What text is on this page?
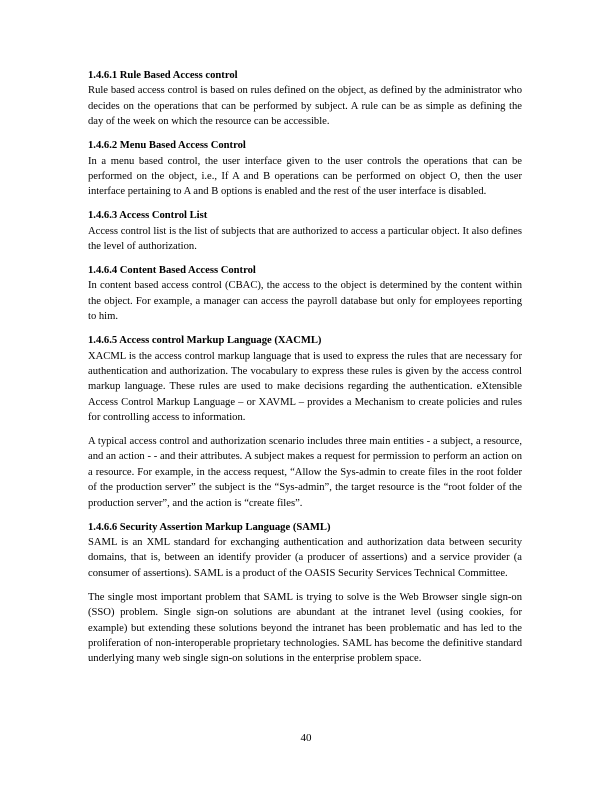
1.4.6.1 Rule Based Access control

Rule based access control is based on rules defined on the object, as defined by the administrator who decides on the operations that can be performed by subject. A rule can be as simple as defining the day of the week on which the resource can be accessible.

1.4.6.2 Menu Based Access Control

In a menu based control, the user interface given to the user controls the operations that can be performed on the object, i.e., If A and B operations can be performed on object O, then the user interface pertaining to A and B options is enabled and the rest of the user interface is disabled.

1.4.6.3 Access Control List

Access control list is the list of subjects that are authorized to access a particular object. It also defines the level of authorization.

1.4.6.4 Content Based Access Control

In content based access control (CBAC), the access to the object is determined by the content within the object. For example, a manager can access the payroll database but only for employees reporting to him.

1.4.6.5 Access control Markup Language (XACML)

XACML is the access control markup language that is used to express the rules that are necessary for authentication and authorization. The vocabulary to express these rules is given by the access control markup language. These rules are used to make decisions regarding the authentication. eXtensible Access Control Markup Language – or XAVML – provides a Mechanism to create policies and rules for controlling access to information.

A typical access control and authorization scenario includes three main entities - a subject, a resource, and an action - - and their attributes. A subject makes a request for permission to perform an action on a resource. For example, in the access request, “Allow the Sys-admin to create files in the root folder of the production server” the subject is the “Sys-admin”, the target resource is the “root folder of the production server”, and the action is “create files”.

1.4.6.6 Security Assertion Markup Language (SAML)

SAML is an XML standard for exchanging authentication and authorization data between security domains, that is, between an identify provider (a producer of assertions) and a service provider (a consumer of assertions). SAML is a product of the OASIS Security Services Technical Committee.

The single most important problem that SAML is trying to solve is the Web Browser single sign-on (SSO) problem. Single sign-on solutions are abundant at the intranet level (using cookies, for example) but extending these solutions beyond the intranet has been problematic and has led to the proliferation of non-interoperable proprietary technologies. SAML has become the definitive standard underlying many web single sign-on solutions in the enterprise problem space.

40
